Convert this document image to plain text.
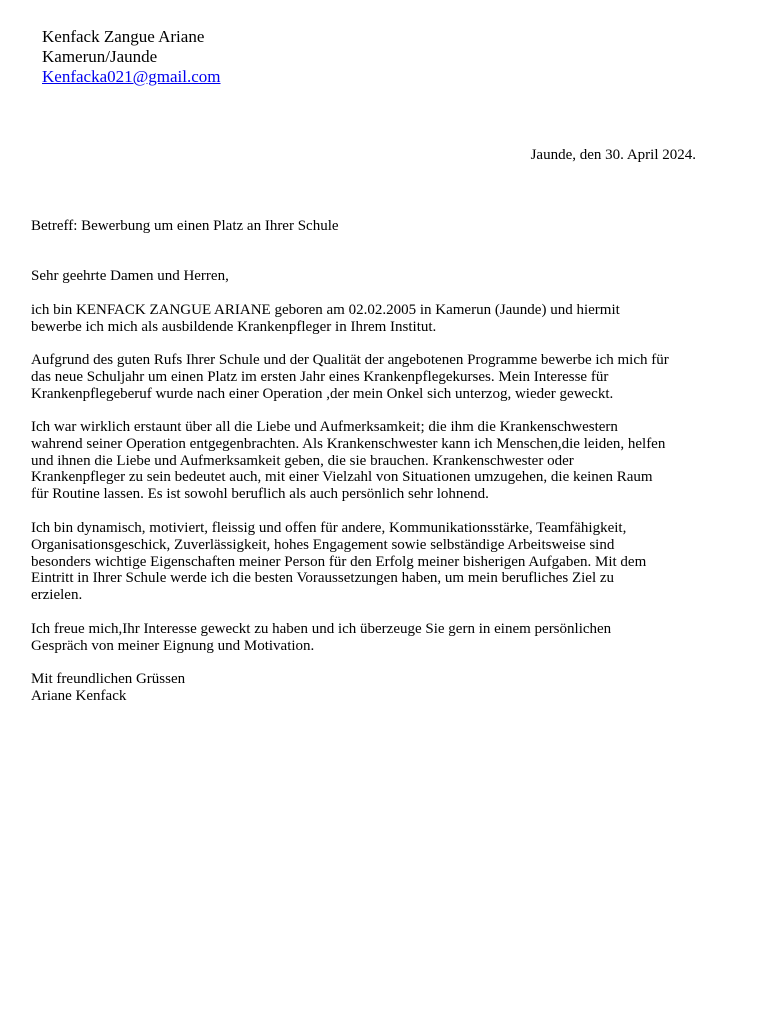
Kenfack Zangue Ariane
Kamerun/Jaunde
Kenfacka021@gmail.com
Jaunde, den 30. April 2024.
Betreff: Bewerbung um einen Platz an Ihrer Schule
Sehr geehrte Damen und Herren,
ich bin KENFACK ZANGUE ARIANE geboren am 02.02.2005 in Kamerun (Jaunde) und hiermit
bewerbe ich mich als ausbildende Krankenpfleger in Ihrem Institut.
Aufgrund des guten Rufs Ihrer Schule und der Qualität der angebotenen Programme bewerbe ich mich für
das neue Schuljahr um einen Platz im ersten Jahr eines Krankenpflegekurses. Mein Interesse für
Krankenpflegeberuf wurde nach einer Operation ,der mein Onkel sich unterzog, wieder geweckt.
Ich war wirklich erstaunt über all die Liebe und Aufmerksamkeit; die ihm die Krankenschwestern
wahrend seiner Operation entgegenbrachten. Als Krankenschwester kann ich Menschen,die leiden, helfen
und ihnen die Liebe und Aufmerksamkeit geben, die sie brauchen. Krankenschwester oder
Krankenpfleger zu sein bedeutet auch, mit einer Vielzahl von Situationen umzugehen, die keinen Raum
für Routine lassen. Es ist sowohl beruflich als auch persönlich sehr lohnend.
Ich bin dynamisch, motiviert, fleissig und offen für andere, Kommunikationsstärke, Teamfähigkeit,
Organisationsgeschick, Zuverlässigkeit, hohes Engagement sowie selbständige Arbeitsweise sind
besonders wichtige Eigenschaften meiner Person für den Erfolg meiner bisherigen Aufgaben. Mit dem
Eintritt in Ihrer Schule werde ich die besten Voraussetzungen haben, um mein berufliches Ziel zu
erzielen.
Ich freue mich,Ihr Interesse geweckt zu haben und ich überzeuge Sie gern in einem persönlichen
Gespräch von meiner Eignung und Motivation.
Mit freundlichen Grüssen
Ariane Kenfack
